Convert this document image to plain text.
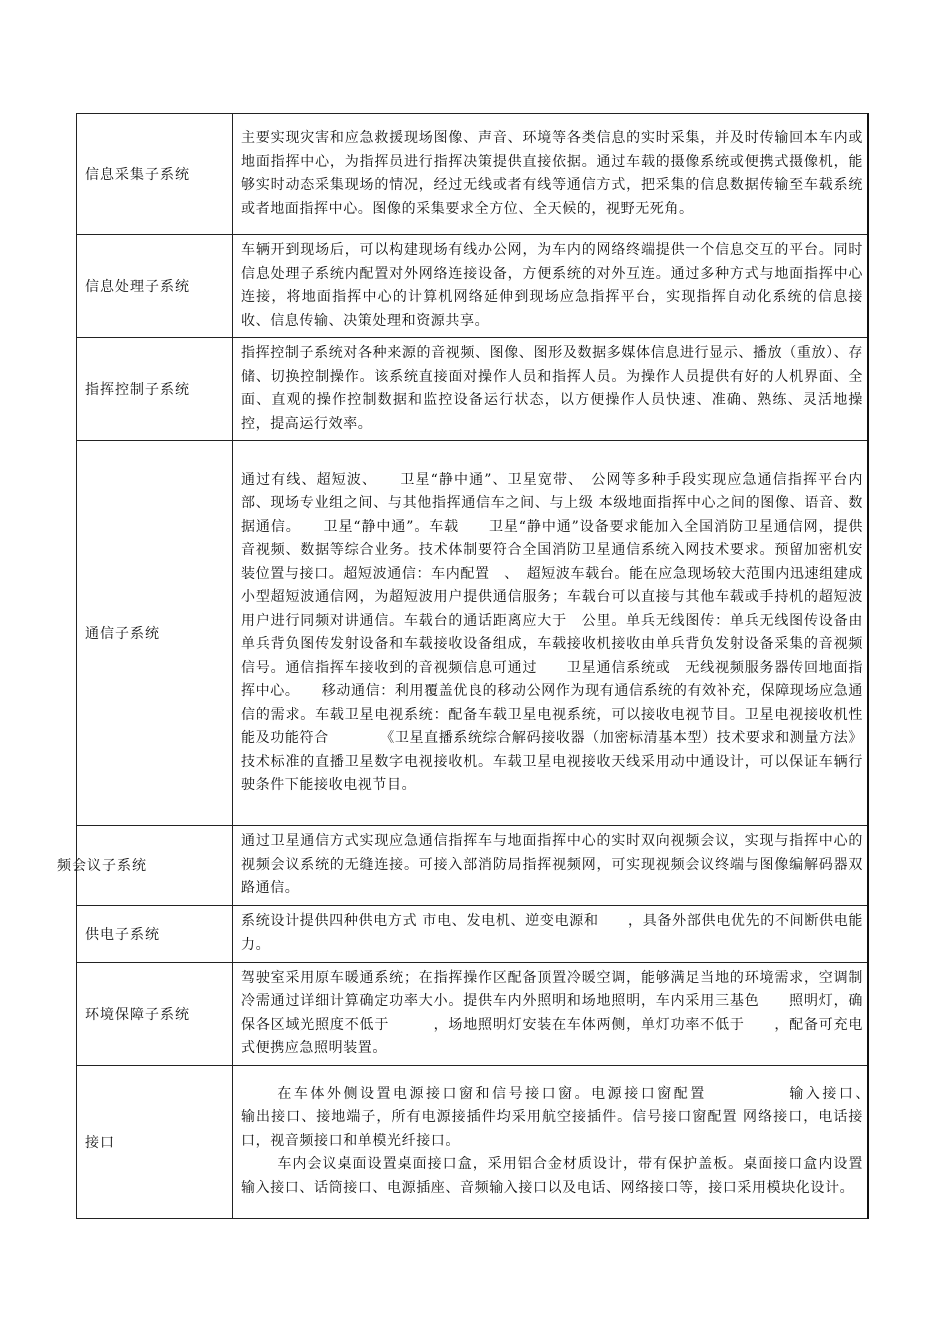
信息采集子系统	主要实现灾害和应急救援现场图像、声音、环境等各类信息的实时采集，并及时传输回本车内或地面指挥中心，为指挥员进行指挥决策提供直接依据。通过车载的摄像系统或便携式摄像机，能够实时动态采集现场的情况，经过无线或者有线等通信方式，把采集的信息数据传输至车载系统或者地面指挥中心。图像的采集要求全方位、全天候的，视野无死角。

信息处理子系统	车辆开到现场后，可以构建现场有线办公网，为车内的网络终端提供一个信息交互的平台。同时信息处理子系统内配置对外网络连接设备，方便系统的对外互连。通过多种方式与地面指挥中心连接，将地面指挥中心的计算机网络延伸到现场应急指挥平台，实现指挥自动化系统的信息接收、信息传输、决策处理和资源共享。

指挥控制子系统	指挥控制子系统对各种来源的音视频、图像、图形及数据多媒体信息进行显示、播放（重放）、存储、切换控制操作。该系统直接面对操作人员和指挥人员。为操作人员提供有好的人机界面、全面、直观的操作控制数据和监控设备运行状态，以方便操作人员快速、准确、熟练、灵活地操控，提高运行效率。

通信子系统	通过有线、超短波、　　卫星“静中通”、卫星宽带、　公网等多种手段实现应急通信指挥平台内部、现场专业组之间、与其他指挥通信车之间、与上级 本级地面指挥中心之间的图像、语音、数据通信。　　卫星“静中通”。车载　　卫星“静中通”设备要求能加入全国消防卫星通信网，提供音视频、数据等综合业务。技术体制要符合全国消防卫星通信系统入网技术要求。预留加密机安装位置与接口。超短波通信：车内配置　、　超短波车载台。能在应急现场较大范围内迅速组建成小型超短波通信网，为超短波用户提供通信服务；车载台可以直接与其他车载或手持机的超短波用户进行同频对讲通信。车载台的通话距离应大于　公里。单兵无线图传：单兵无线图传设备由单兵背负图传发射设备和车载接收设备组成，车载接收机接收由单兵背负发射设备采集的音视频信号。通信指挥车接收到的音视频信息可通过　　卫星通信系统或　无线视频服务器传回地面指挥中心。　　移动通信：利用覆盖优良的移动公网作为现有通信系统的有效补充，保障现场应急通信的需求。车载卫星电视系统：配备车载卫星电视系统，可以接收电视节目。卫星电视接收机性能及功能符合　　　　《卫星直播系统综合解码接收器（加密标清基本型）技术要求和测量方法》技术标准的直播卫星数字电视接收机。车载卫星电视接收天线采用动中通设计，可以保证车辆行驶条件下能接收电视节目。

频会议子系统	通过卫星通信方式实现应急通信指挥车与地面指挥中心的实时双向视频会议，实现与指挥中心的视频会议系统的无缝连接。可接入部消防局指挥视频网，可实现视频会议终端与图像编解码器双路通信。

供电子系统	系统设计提供四种供电方式 市电、发电机、逆变电源和　　，具备外部供电优先的不间断供电能力。

环境保障子系统	驾驶室采用原车暖通系统；在指挥操作区配备顶置冷暖空调，能够满足当地的环境需求，空调制冷需通过详细计算确定功率大小。提供车内外照明和场地照明，车内采用三基色　　照明灯，确保各区域光照度不低于　　　，场地照明灯安装在车体两侧，单灯功率不低于　　，配备可充电式便携应急照明装置。

接口	在车体外侧设置电源接口窗和信号接口窗。电源接口窗配置　　　　　输入接口、　　　　　输出接口、接地端子，所有电源接插件均采用航空接插件。信号接口窗配置 网络接口，电话接口，视音频接口和单模光纤接口。
车内会议桌面设置桌面接口盒，采用铝合金材质设计，带有保护盖板。桌面接口盒内设置　　输入接口、话筒接口、电源插座、音频输入接口以及电话、网络接口等，接口采用模块化设计。
